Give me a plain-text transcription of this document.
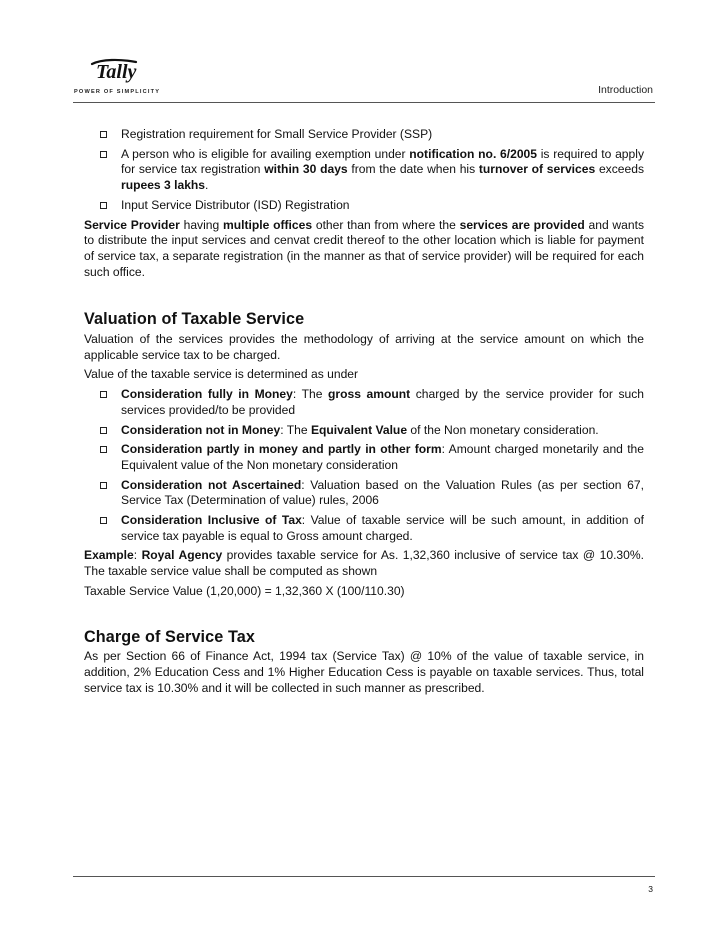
Tally
POWER OF SIMPLICITY	Introduction
Registration requirement for Small Service Provider (SSP)
A person who is eligible for availing exemption under notification no. 6/2005 is required to apply for service tax registration within 30 days from the date when his turnover of services exceeds rupees 3 lakhs.
Input Service Distributor (ISD) Registration

Service Provider having multiple offices other than from where the services are provided and wants to distribute the input services and cenvat credit thereof to the other location which is liable for payment of service tax, a separate registration (in the manner as that of service provider) will be required for each such office.

Valuation of Taxable Service

Valuation of the services provides the methodology of arriving at the service amount on which the applicable service tax to be charged.

Value of the taxable service is determined as under

Consideration fully in Money: The gross amount charged by the service provider for such services provided/to be provided
Consideration not in Money: The Equivalent Value of the Non monetary consideration.
Consideration partly in money and partly in other form: Amount charged monetarily and the Equivalent value of the Non monetary consideration
Consideration not Ascertained: Valuation based on the Valuation Rules (as per section 67, Service Tax (Determination of value) rules, 2006
Consideration Inclusive of Tax: Value of taxable service will be such amount, in addition of service tax payable is equal to Gross amount charged.

Example: Royal Agency provides taxable service for As. 1,32,360 inclusive of service tax @ 10.30%. The taxable service value shall be computed as shown

Taxable Service Value (1,20,000) = 1,32,360 X (100/110.30)

Charge of Service Tax

As per Section 66 of Finance Act, 1994 tax (Service Tax) @ 10% of the value of taxable service, in addition, 2% Education Cess and 1% Higher Education Cess is payable on taxable services. Thus, total service tax is 10.30% and it will be collected in such manner as prescribed.

3
